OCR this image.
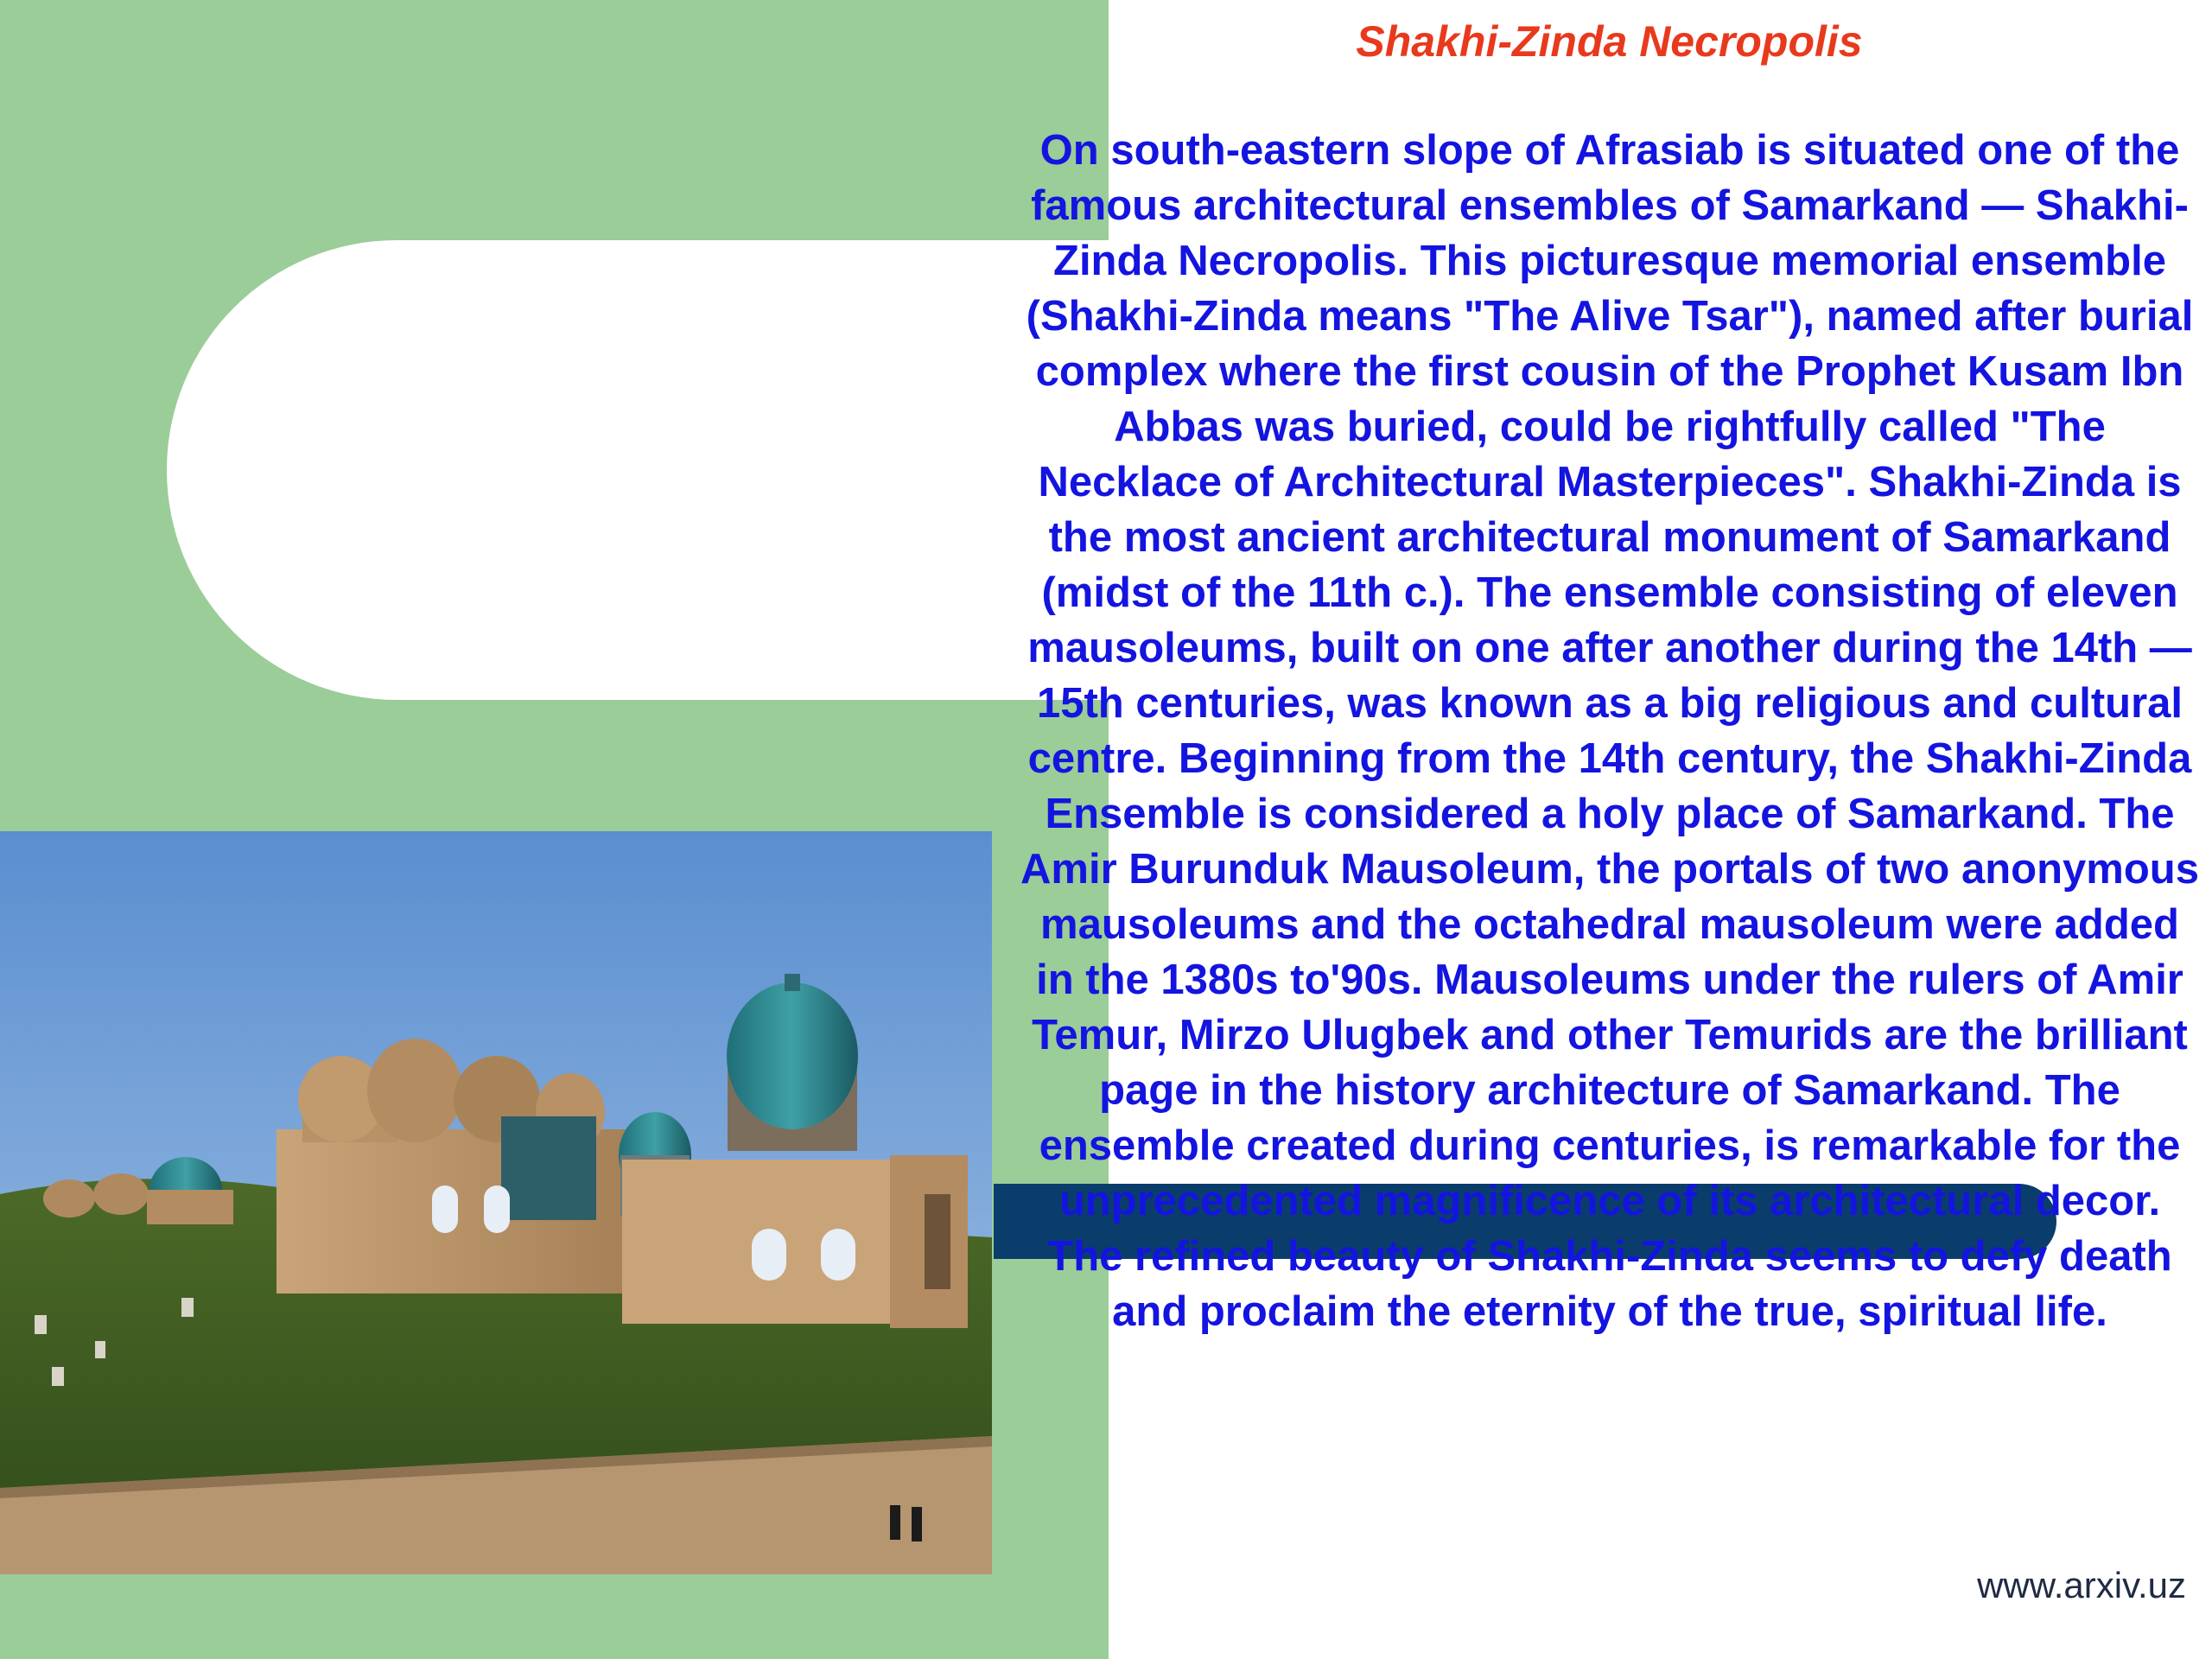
Shakhi-Zinda Necropolis

On south-eastern slope of Afrasiab is situated one of the famous architectural ensembles of Samarkand — Shakhi-Zinda Necropolis. This picturesque memorial ensemble (Shakhi-Zinda means "The Alive Tsar"), named after burial complex where the first cousin of the Prophet Kusam Ibn Abbas was buried, could be rightfully called "The Necklace of Architectural Masterpieces". Shakhi-Zinda is the most ancient architectural monument of Samarkand (midst of the 11th c.). The ensemble consisting of eleven mausoleums, built on one after another during the 14th — 15th centuries, was known as a big religious and cultural centre. Beginning from the 14th century, the Shakhi-Zinda Ensemble is considered a holy place of Samarkand. The Amir Burunduk Mausoleum, the portals of two anonymous mausoleums and the octahedral mausoleum were added in the 1380s to'90s. Mausoleums under the rulers of Amir Temur, Mirzo Ulugbek and other Temurids are the brilliant page in the history architecture of Samarkand. The ensemble created during centuries, is remarkable for the unprecedented magnificence of its architectural decor. The refined beauty of Shakhi-Zinda seems to defy death and proclaim the eternity of the true, spiritual life.

www.arxiv.uz
